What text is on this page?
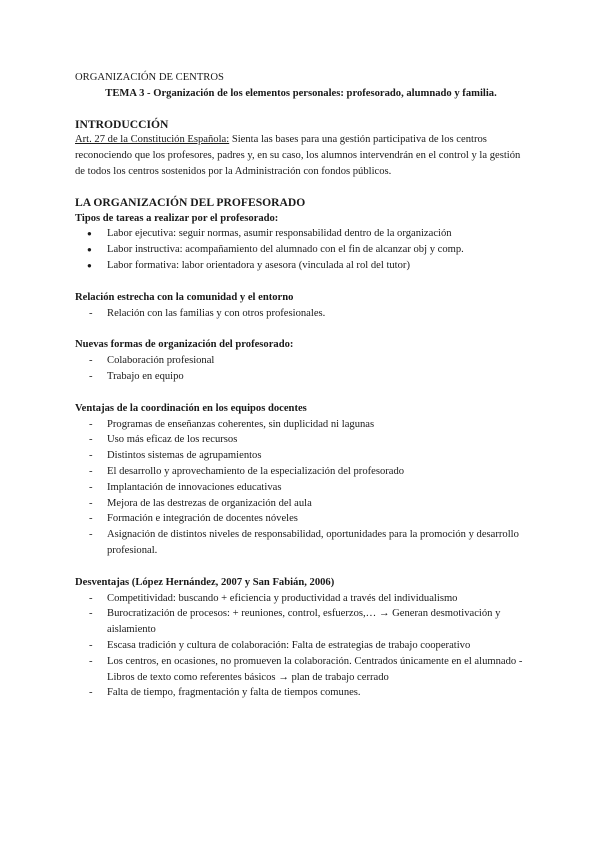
ORGANIZACIÓN DE CENTROS

TEMA 3 - Organización de los elementos personales: profesorado, alumnado y familia.

INTRODUCCIÓN

Art. 27 de la Constitución Española: Sienta las bases para una gestión participativa de los centros reconociendo que los profesores, padres y, en su caso, los alumnos intervendrán en el control y la gestión de todos los centros sostenidos por la Administración con fondos públicos.

LA ORGANIZACIÓN DEL PROFESORADO
Tipos de tareas a realizar por el profesorado:
● Labor ejecutiva: seguir normas, asumir responsabilidad dentro de la organización
● Labor instructiva: acompañamiento del alumnado con el fin de alcanzar obj y comp.
● Labor formativa: labor orientadora y asesora (vinculada al rol del tutor)
Relación estrecha con la comunidad y el entorno
- Relación con las familias y con otros profesionales.
Nuevas formas de organización del profesorado:
- Colaboración profesional
- Trabajo en equipo
Ventajas de la coordinación en los equipos docentes
- Programas de enseñanzas coherentes, sin duplicidad ni lagunas
- Uso más eficaz de los recursos
- Distintos sistemas de agrupamientos
- El desarrollo y aprovechamiento de la especialización del profesorado
- Implantación de innovaciones educativas
- Mejora de las destrezas de organización del aula
- Formación e integración de docentes nóveles
- Asignación de distintos niveles de responsabilidad, oportunidades para la promoción y desarrollo profesional.
Desventajas (López Hernández, 2007 y San Fabián, 2006)
- Competitividad: buscando + eficiencia y productividad a través del individualismo
- Burocratización de procesos: + reuniones, control, esfuerzos,… → Generan desmotivación y aislamiento
- Escasa tradición y cultura de colaboración: Falta de estrategias de trabajo cooperativo
- Los centros, en ocasiones, no promueven la colaboración. Centrados únicamente en el alumnado -Libros de texto como referentes básicos → plan de trabajo cerrado
- Falta de tiempo, fragmentación y falta de tiempos comunes.
